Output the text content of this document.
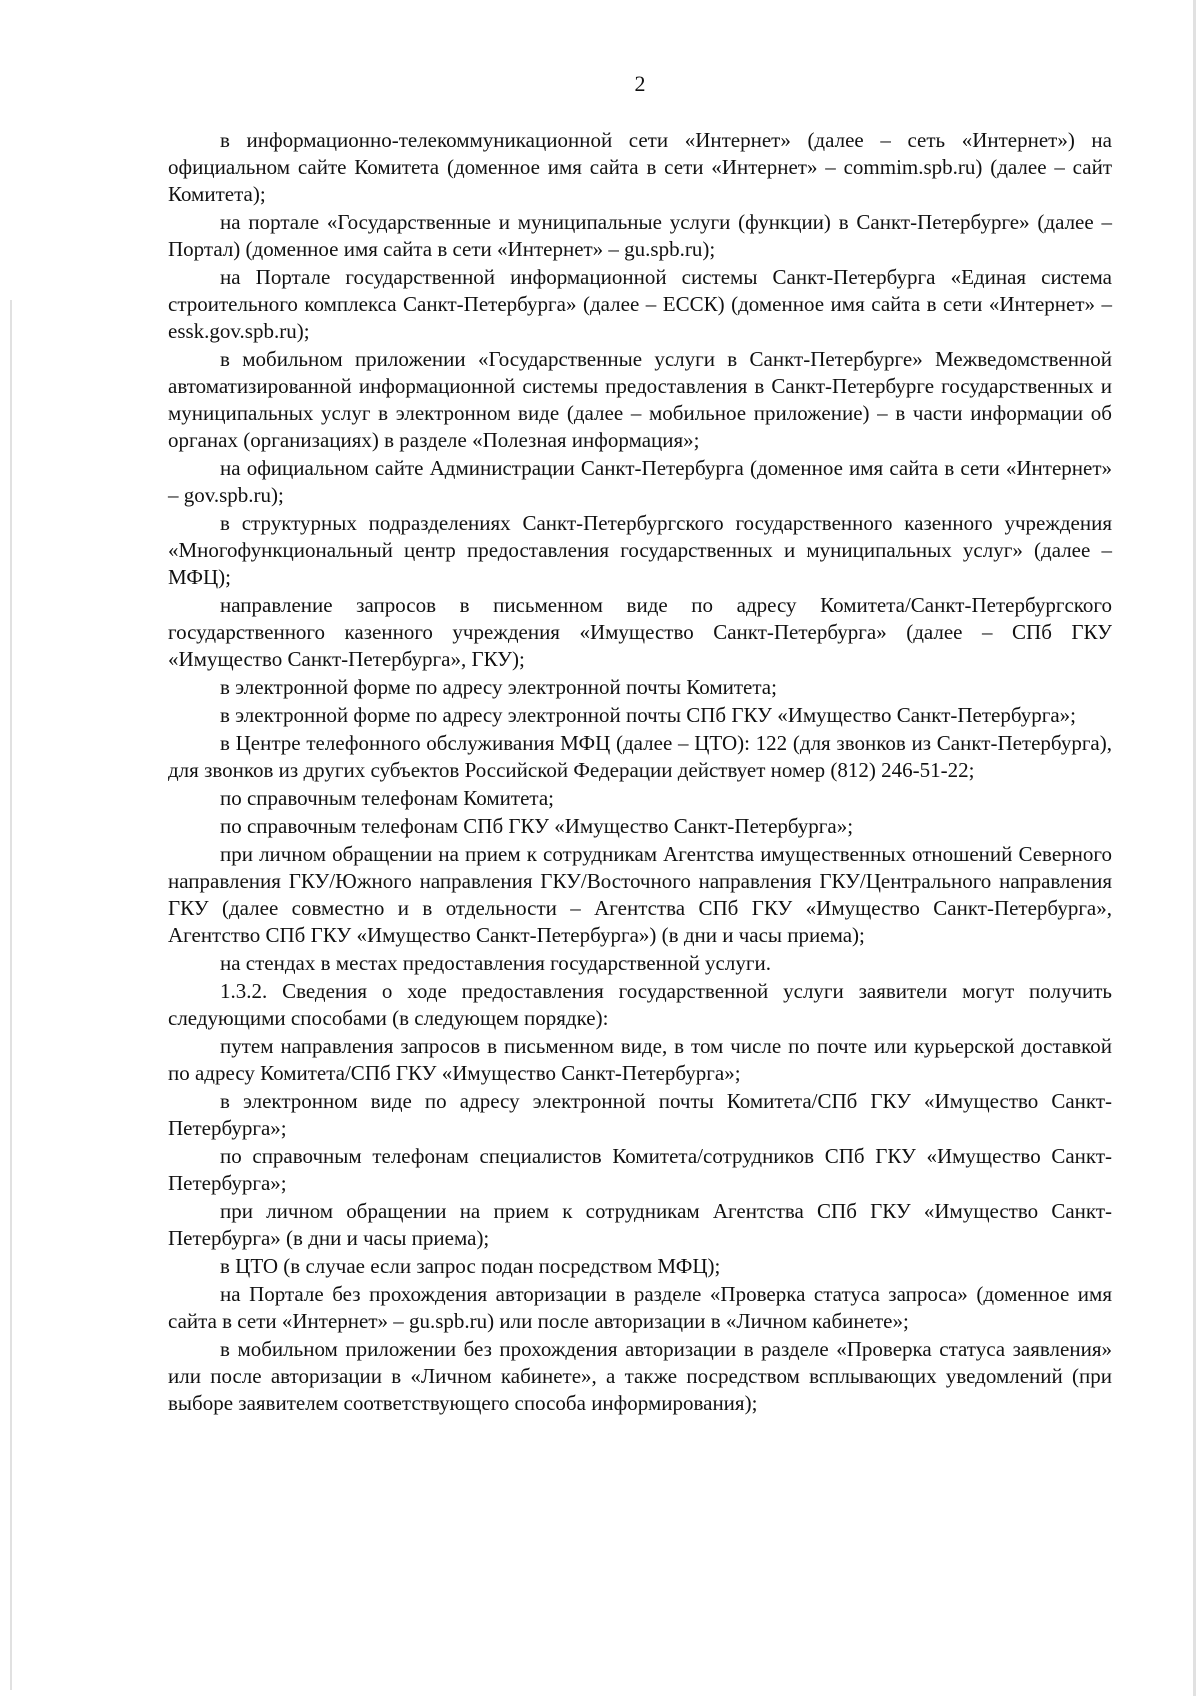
2

в информационно-телекоммуникационной сети «Интернет» (далее – сеть «Интернет») на официальном сайте Комитета (доменное имя сайта в сети «Интернет» – commim.spb.ru) (далее – сайт Комитета);

на портале «Государственные и муниципальные услуги (функции) в Санкт-Петербурге» (далее – Портал) (доменное имя сайта в сети «Интернет» – gu.spb.ru);

на Портале государственной информационной системы Санкт-Петербурга «Единая система строительного комплекса Санкт-Петербурга» (далее – ЕССК) (доменное имя сайта в сети «Интернет» – essk.gov.spb.ru);

в мобильном приложении «Государственные услуги в Санкт-Петербурге» Межведомственной автоматизированной информационной системы предоставления в Санкт-Петербурге государственных и муниципальных услуг в электронном виде (далее – мобильное приложение) – в части информации об органах (организациях) в разделе «Полезная информация»;

на официальном сайте Администрации Санкт-Петербурга (доменное имя сайта в сети «Интернет» – gov.spb.ru);

в структурных подразделениях Санкт-Петербургского государственного казенного учреждения «Многофункциональный центр предоставления государственных и муниципальных услуг» (далее – МФЦ);

направление запросов в письменном виде по адресу Комитета/Санкт-Петербургского государственного казенного учреждения «Имущество Санкт-Петербурга» (далее – СПб ГКУ «Имущество Санкт-Петербурга», ГКУ);

в электронной форме по адресу электронной почты Комитета;

в электронной форме по адресу электронной почты СПб ГКУ «Имущество Санкт-Петербурга»;

в Центре телефонного обслуживания МФЦ (далее – ЦТО): 122 (для звонков из Санкт-Петербурга), для звонков из других субъектов Российской Федерации действует номер (812) 246-51-22;

по справочным телефонам Комитета;

по справочным телефонам СПб ГКУ «Имущество Санкт-Петербурга»;

при личном обращении на прием к сотрудникам Агентства имущественных отношений Северного направления ГКУ/Южного направления ГКУ/Восточного направления ГКУ/Центрального направления ГКУ (далее совместно и в отдельности – Агентства СПб ГКУ «Имущество Санкт-Петербурга», Агентство СПб ГКУ «Имущество Санкт-Петербурга») (в дни и часы приема);

на стендах в местах предоставления государственной услуги.

1.3.2. Сведения о ходе предоставления государственной услуги заявители могут получить следующими способами (в следующем порядке):

путем направления запросов в письменном виде, в том числе по почте или курьерской доставкой по адресу Комитета/СПб ГКУ «Имущество Санкт-Петербурга»;

в электронном виде по адресу электронной почты Комитета/СПб ГКУ «Имущество Санкт-Петербурга»;

по справочным телефонам специалистов Комитета/сотрудников СПб ГКУ «Имущество Санкт-Петербурга»;

при личном обращении на прием к сотрудникам Агентства СПб ГКУ «Имущество Санкт-Петербурга» (в дни и часы приема);

в ЦТО (в случае если запрос подан посредством МФЦ);

на Портале без прохождения авторизации в разделе «Проверка статуса запроса» (доменное имя сайта в сети «Интернет» – gu.spb.ru) или после авторизации в «Личном кабинете»;

в мобильном приложении без прохождения авторизации в разделе «Проверка статуса заявления» или после авторизации в «Личном кабинете», а также посредством всплывающих уведомлений (при выборе заявителем соответствующего способа информирования);
